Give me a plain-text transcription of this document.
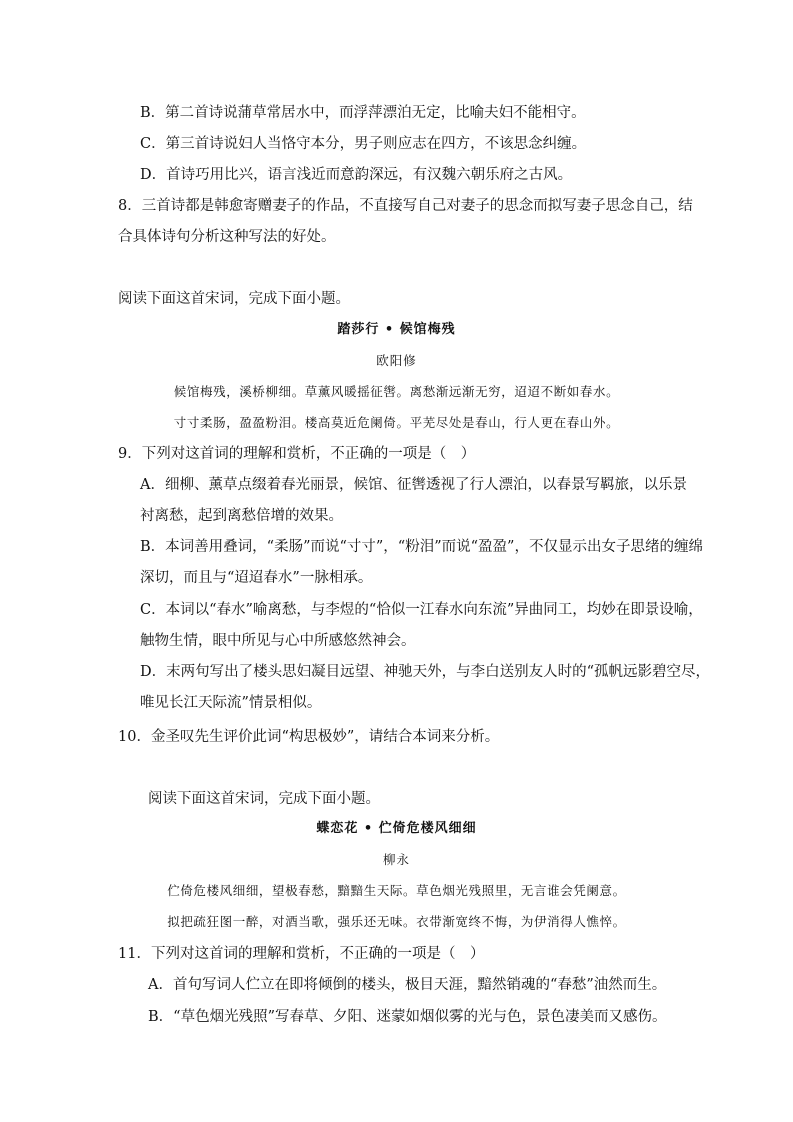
B．第二首诗说蒲草常居水中，而浮萍漂泊无定，比喻夫妇不能相守。
C．第三首诗说妇人当恪守本分，男子则应志在四方，不该思念纠缠。
D．首诗巧用比兴，语言浅近而意韵深远，有汉魏六朝乐府之古风。
8．三首诗都是韩愈寄赠妻子的作品，不直接写自己对妻子的思念而拟写妻子思念自己，结
合具体诗句分析这种写法的好处。
阅读下面这首宋词，完成下面小题。
踏莎行 • 候馆梅残
欧阳修
候馆梅残，溪桥柳细。草薰风暖摇征辔。离愁渐远渐无穷，迢迢不断如春水。
寸寸柔肠，盈盈粉泪。楼高莫近危阑倚。平芜尽处是春山，行人更在春山外。
9．下列对这首词的理解和赏析，不正确的一项是（　）
A．细柳、薰草点缀着春光丽景，候馆、征辔透视了行人漂泊，以春景写羁旅，以乐景
衬离愁，起到离愁倍增的效果。
B．本词善用叠词，“柔肠”而说“寸寸”，“粉泪”而说“盈盈”，不仅显示出女子思绪的缠绵
深切，而且与“迢迢春水”一脉相承。
C．本词以“春水”喻离愁，与李煜的“恰似一江春水向东流”异曲同工，均妙在即景设喻，
触物生情，眼中所见与心中所感悠然神会。
D．末两句写出了楼头思妇凝目远望、神驰天外，与李白送别友人时的“孤帆远影碧空尽，
唯见长江天际流”情景相似。
10．金圣叹先生评价此词“构思极妙”，请结合本词来分析。
阅读下面这首宋词，完成下面小题。
蝶恋花 • 伫倚危楼风细细
柳永
伫倚危楼风细细，望极春愁，黯黯生天际。草色烟光残照里，无言谁会凭阑意。
拟把疏狂图一醉，对酒当歌，强乐还无味。衣带渐宽终不悔，为伊消得人憔悴。
11．下列对这首词的理解和赏析，不正确的一项是（　）
A．首句写词人伫立在即将倾倒的楼头，极目天涯，黯然销魂的“春愁”油然而生。
B．“草色烟光残照”写春草、夕阳、迷蒙如烟似雾的光与色，景色凄美而又感伤。
